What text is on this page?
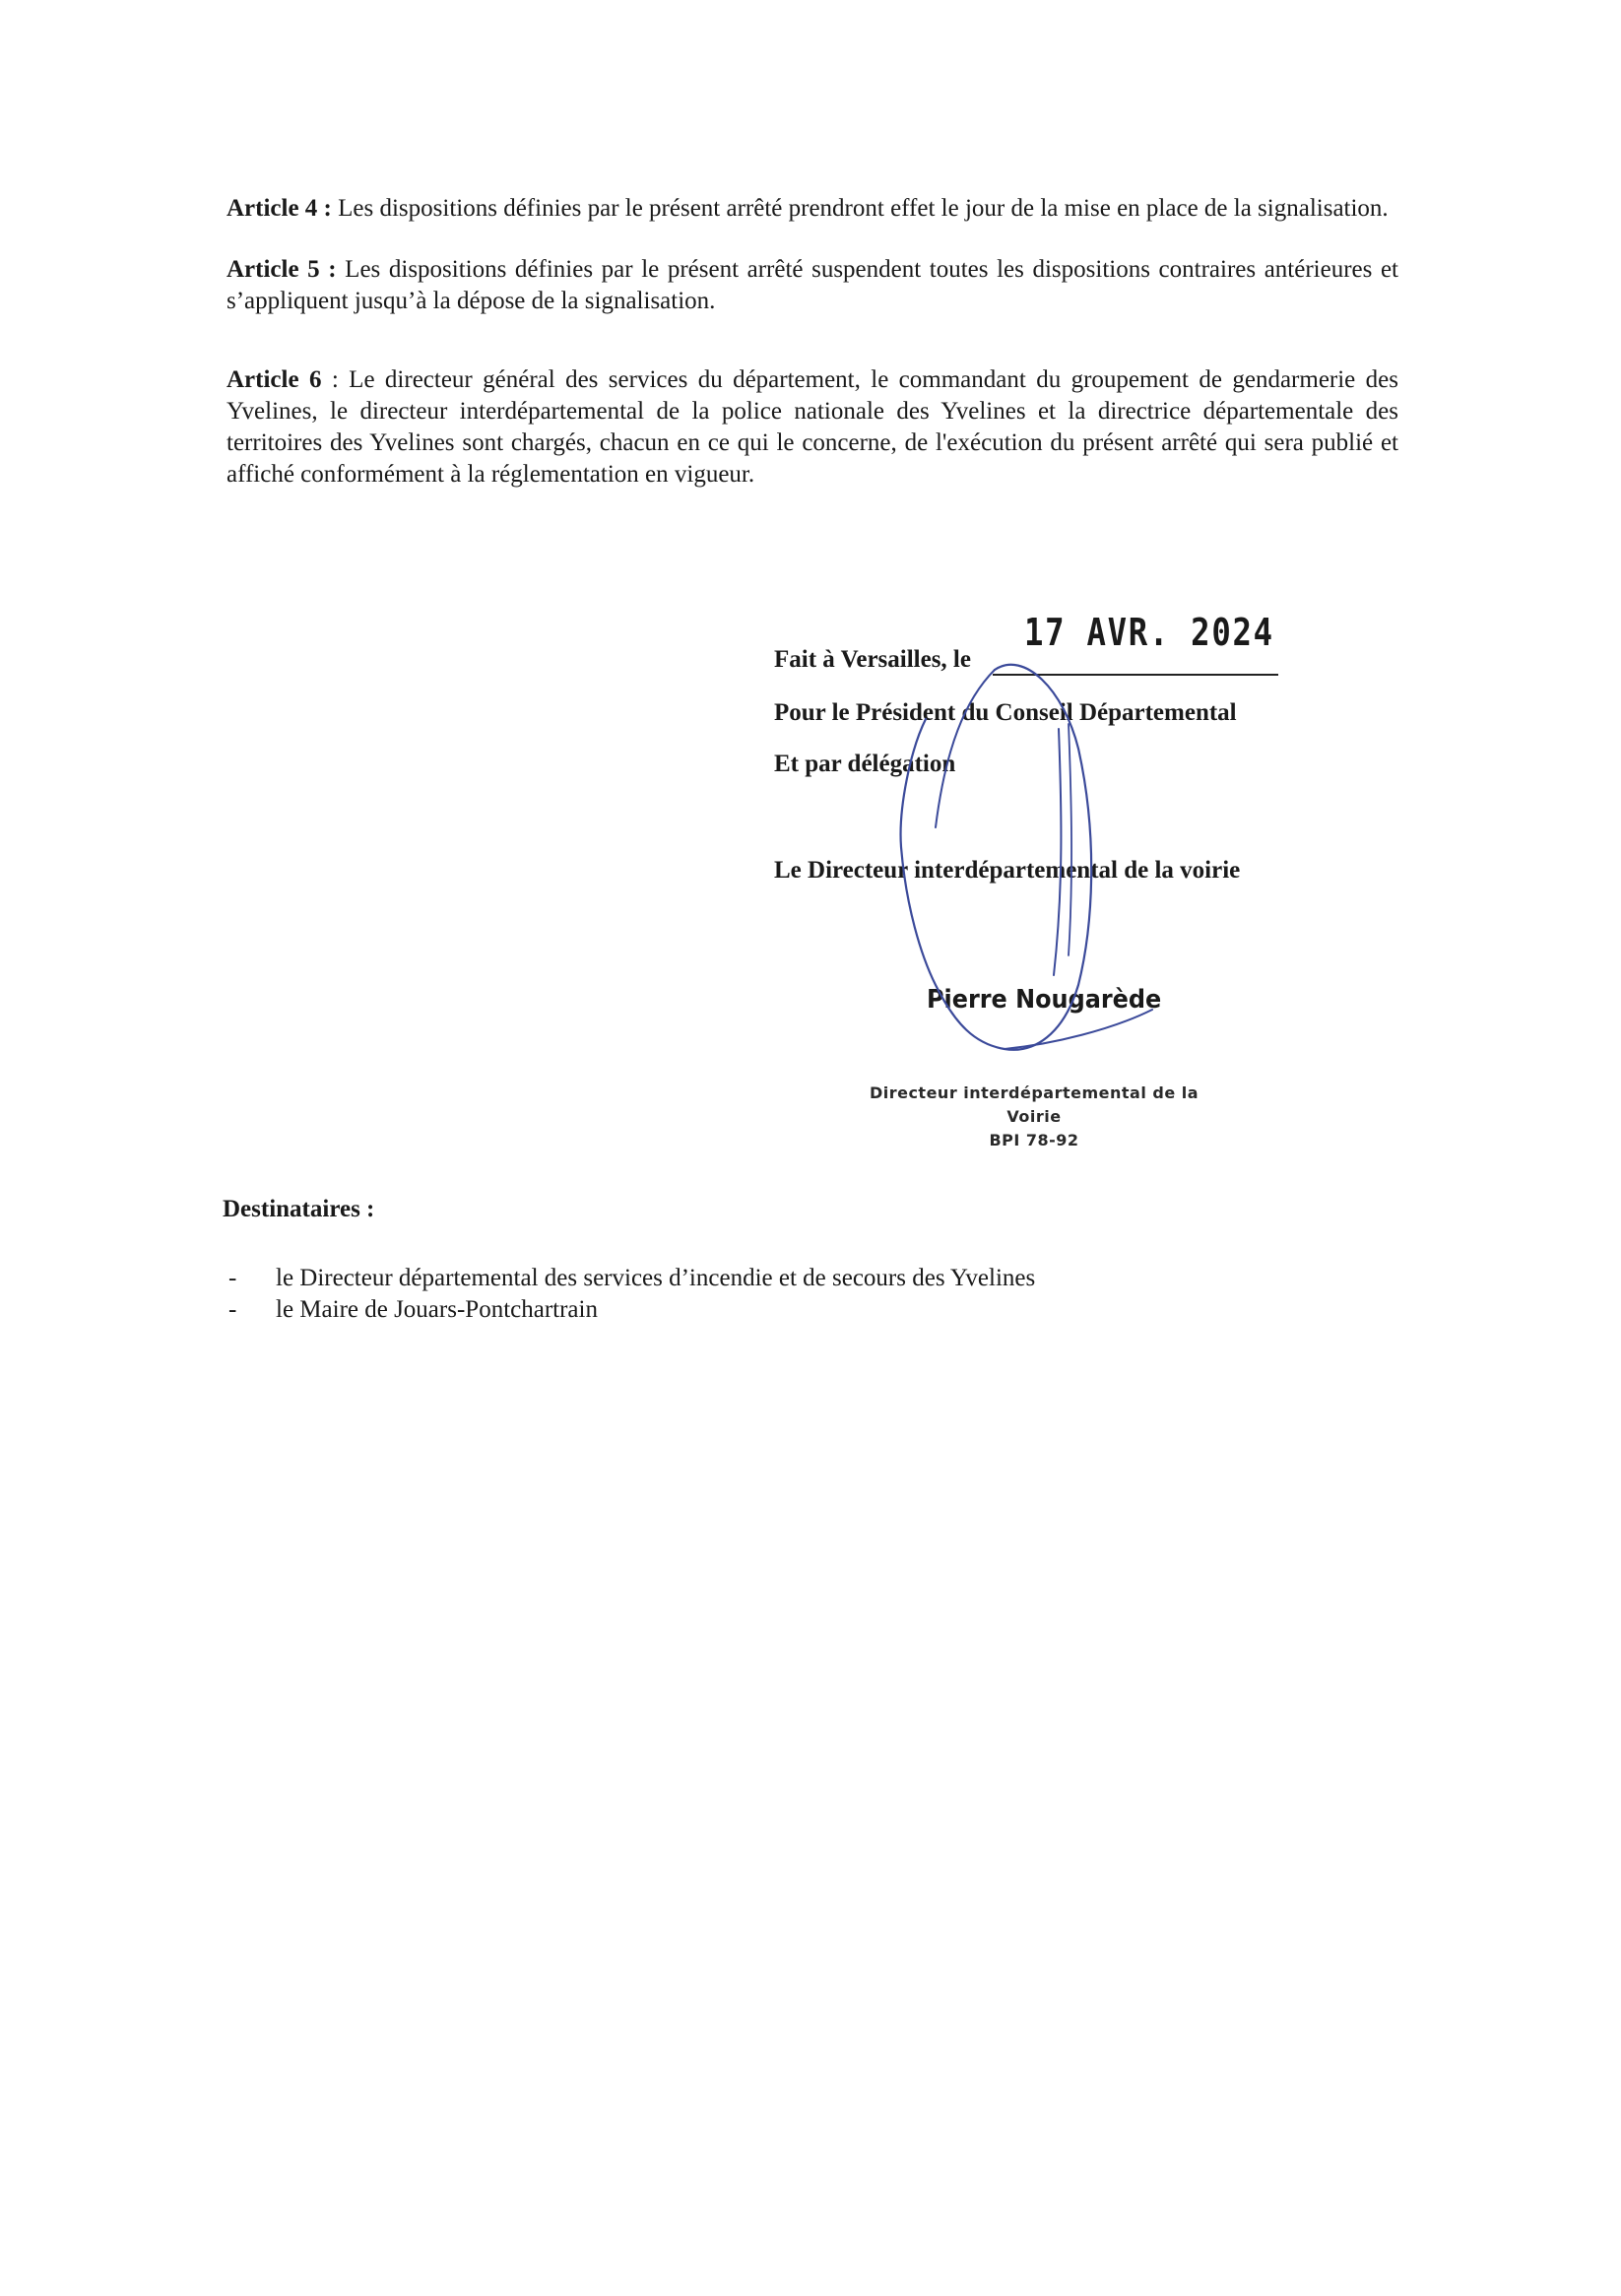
Article 4 : Les dispositions définies par le présent arrêté prendront effet le jour de la mise en place de la signalisation.

Article 5 : Les dispositions définies par le présent arrêté suspendent toutes les dispositions contraires antérieures et s’appliquent jusqu’à la dépose de la signalisation.

Article 6 : Le directeur général des services du département, le commandant du groupement de gendarmerie des Yvelines, le directeur interdépartemental de la police nationale des Yvelines et la directrice départementale des territoires des Yvelines sont chargés, chacun en ce qui le concerne, de l'exécution du présent arrêté qui sera publié et affiché conformément à la réglementation en vigueur.

17 AVR. 2024
Fait à Versailles, le
Pour le Président du Conseil Départemental
Et par délégation
Le Directeur interdépartemental de la voirie
Pierre Nougarède
Directeur interdépartemental de la Voirie
BPI 78-92
Destinataires :
- le Directeur départemental des services d’incendie et de secours des Yvelines
- le Maire de Jouars-Pontchartrain
